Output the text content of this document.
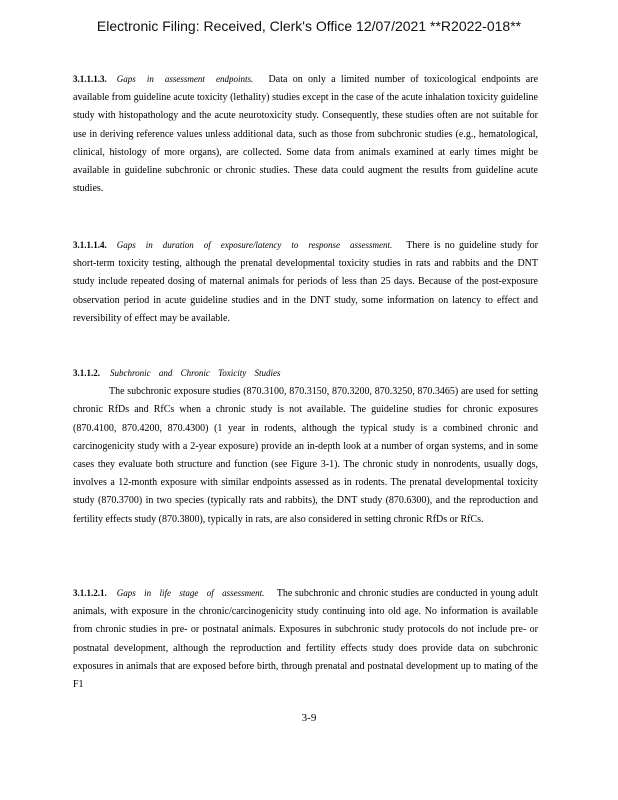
Electronic Filing: Received, Clerk's Office 12/07/2021 **R2022-018**

3.1.1.1.3. Gaps in assessment endpoints. Data on only a limited number of toxicological endpoints are available from guideline acute toxicity (lethality) studies except in the case of the acute inhalation toxicity guideline study with histopathology and the acute neurotoxicity study. Consequently, these studies often are not suitable for use in deriving reference values unless additional data, such as those from subchronic studies (e.g., hematological, clinical, histology of more organs), are collected. Some data from animals examined at early times might be available in guideline subchronic or chronic studies. These data could augment the results from guideline acute studies.

3.1.1.1.4. Gaps in duration of exposure/latency to response assessment. There is no guideline study for short-term toxicity testing, although the prenatal developmental toxicity studies in rats and rabbits and the DNT study include repeated dosing of maternal animals for periods of less than 25 days. Because of the post-exposure observation period in acute guideline studies and in the DNT study, some information on latency to effect and reversibility of effect may be available.

3.1.1.2. Subchronic and Chronic Toxicity Studies

The subchronic exposure studies (870.3100, 870.3150, 870.3200, 870.3250, 870.3465) are used for setting chronic RfDs and RfCs when a chronic study is not available. The guideline studies for chronic exposures (870.4100, 870.4200, 870.4300) (1 year in rodents, although the typical study is a combined chronic and carcinogenicity study with a 2-year exposure) provide an in-depth look at a number of organ systems, and in some cases they evaluate both structure and function (see Figure 3-1). The chronic study in nonrodents, usually dogs, involves a 12-month exposure with similar endpoints assessed as in rodents. The prenatal developmental toxicity study (870.3700) in two species (typically rats and rabbits), the DNT study (870.6300), and the reproduction and fertility effects study (870.3800), typically in rats, are also considered in setting chronic RfDs or RfCs.

3.1.1.2.1. Gaps in life stage of assessment. The subchronic and chronic studies are conducted in young adult animals, with exposure in the chronic/carcinogenicity study continuing into old age. No information is available from chronic studies in pre- or postnatal animals. Exposures in subchronic study protocols do not include pre- or postnatal development, although the reproduction and fertility effects study does provide data on subchronic exposures in animals that are exposed before birth, through prenatal and postnatal development up to mating of the F1

3-9
